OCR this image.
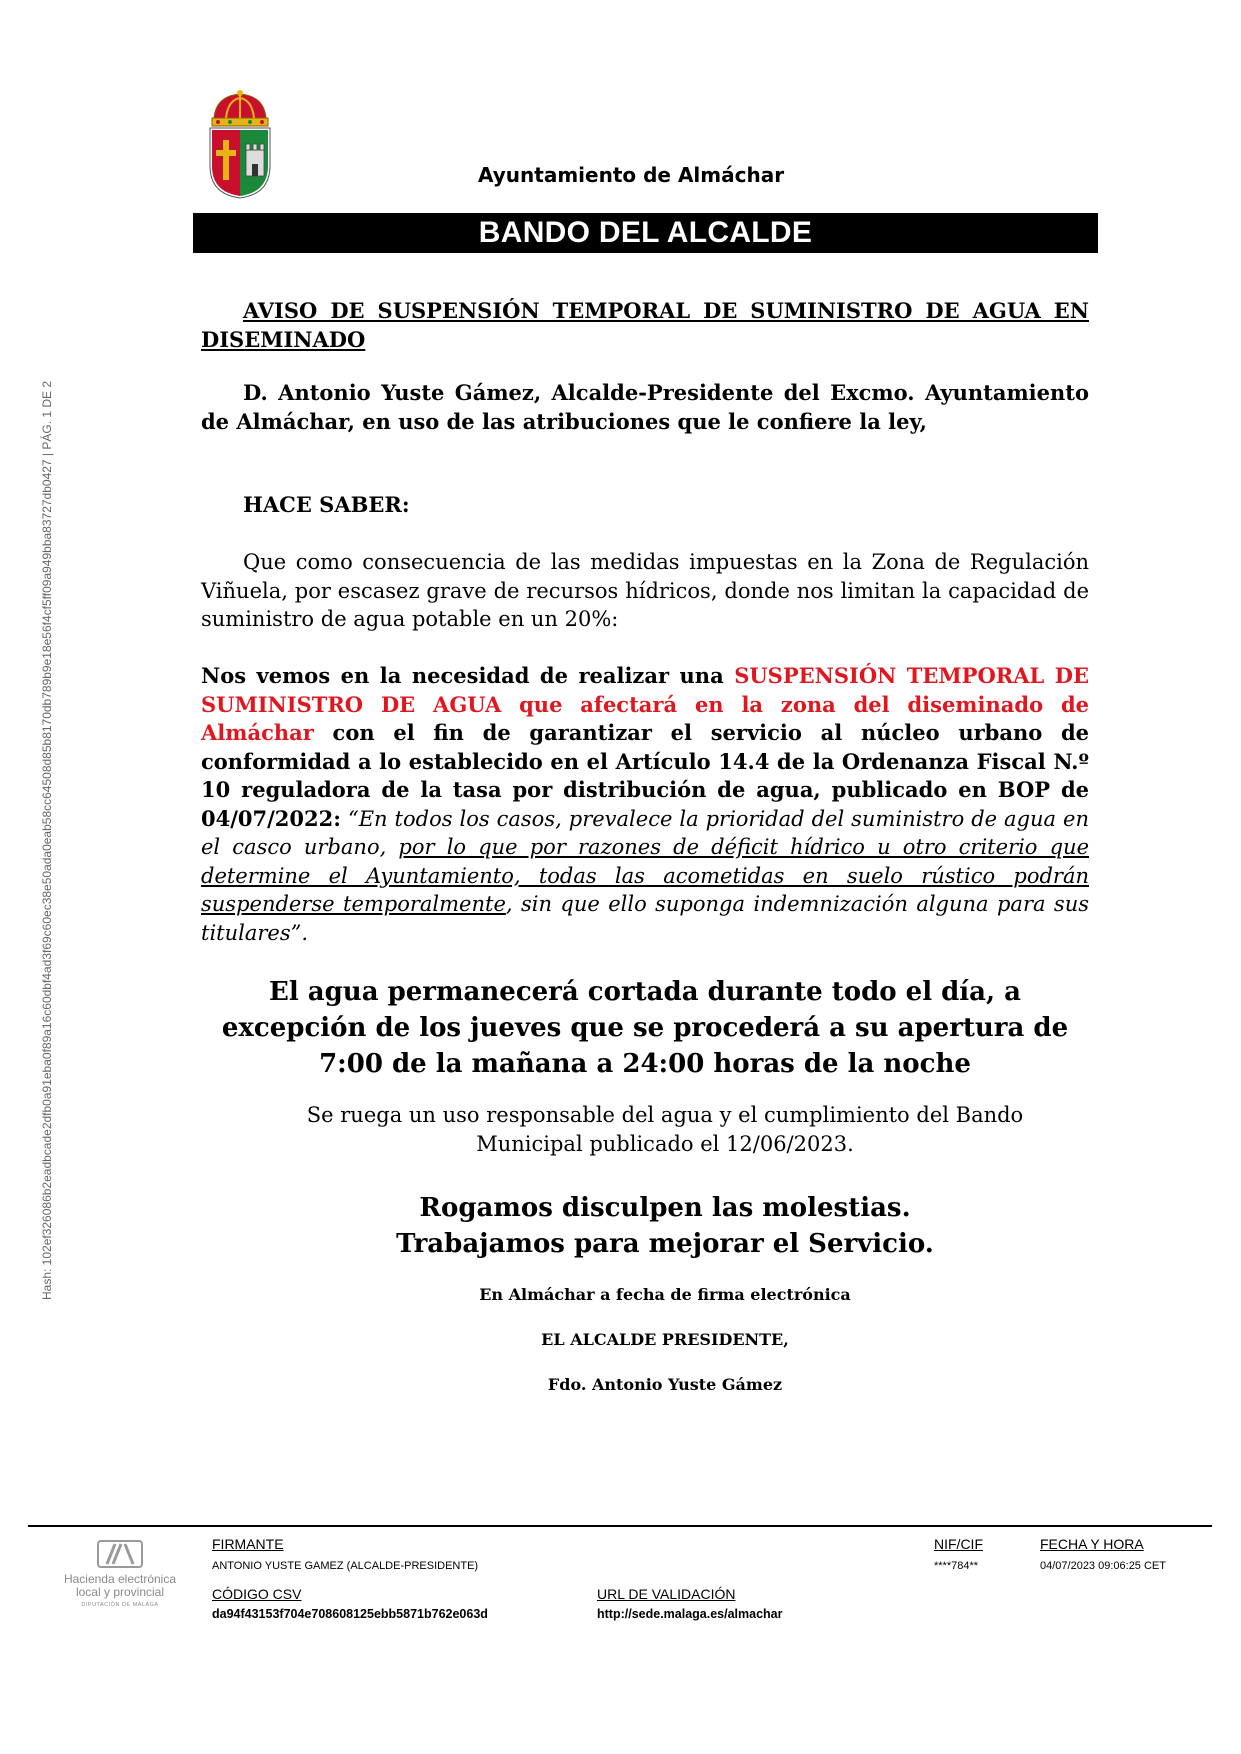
Hash: 102ef326086b2eadbcade2dfb0a91eba0f89a16c60dbf4ad3f69c60ec38e50ada0eab58cc64508d85b8170db789b9e18e56f4cf5ff09a949bba83727db0427 | PÁG. 1 DE 2
Ayuntamiento de Almáchar
BANDO DEL ALCALDE
AVISO DE SUSPENSIÓN TEMPORAL DE SUMINISTRO DE AGUA EN DISEMINADO
D. Antonio Yuste Gámez, Alcalde-Presidente del Excmo. Ayuntamiento de Almáchar, en uso de las atribuciones que le confiere la ley,
HACE SABER:
Que como consecuencia de las medidas impuestas en la Zona de Regulación Viñuela, por escasez grave de recursos hídricos, donde nos limitan la capacidad de suministro de agua potable en un 20%:
Nos vemos en la necesidad de realizar una SUSPENSIÓN TEMPORAL DE SUMINISTRO DE AGUA que afectará en la zona del diseminado de Almáchar con el fin de garantizar el servicio al núcleo urbano de conformidad a lo establecido en el Artículo 14.4 de la Ordenanza Fiscal N.º 10 reguladora de la tasa por distribución de agua, publicado en BOP de 04/07/2022: “En todos los casos, prevalece la prioridad del suministro de agua en el casco urbano, por lo que por razones de déficit hídrico u otro criterio que determine el Ayuntamiento, todas las acometidas en suelo rústico podrán suspenderse temporalmente, sin que ello suponga indemnización alguna para sus titulares”.
El agua permanecerá cortada durante todo el día, a
excepción de los jueves que se procederá a su apertura de
7:00 de la mañana a 24:00 horas de la noche
Se ruega un uso responsable del agua y el cumplimiento del Bando
Municipal publicado el 12/06/2023.
Rogamos disculpen las molestias.
Trabajamos para mejorar el Servicio.
En Almáchar a fecha de firma electrónica
EL ALCALDE PRESIDENTE,
Fdo. Antonio Yuste Gámez
Hacienda electrónica
local y provincial
DIPUTACIÓN DE MÁLAGA
FIRMANTE
ANTONIO YUSTE GAMEZ (ALCALDE-PRESIDENTE)
NIF/CIF
****784**
FECHA Y HORA
04/07/2023 09:06:25 CET
CÓDIGO CSV
da94f43153f704e708608125ebb5871b762e063d
URL DE VALIDACIÓN
http://sede.malaga.es/almachar
